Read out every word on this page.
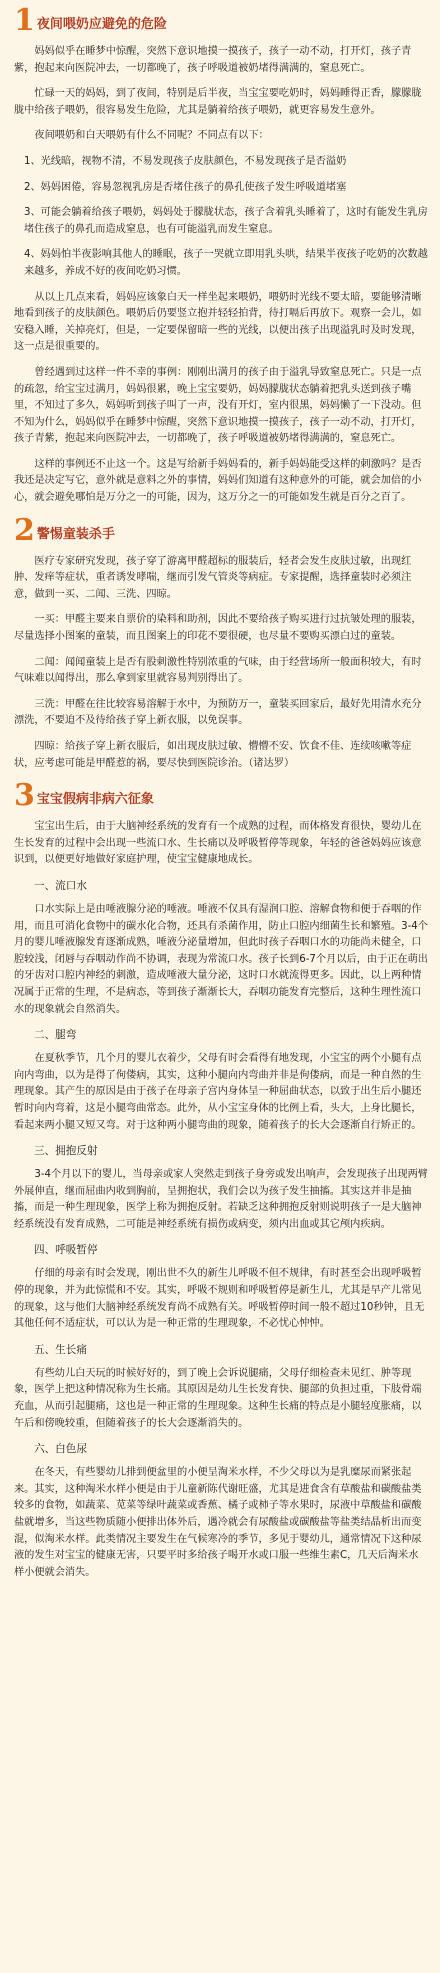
1 夜间喂奶应避免的危险

妈妈似乎在睡梦中惊醒，突然下意识地摸一摸孩子，孩子一动不动，打开灯，孩子青紫，抱起来向医院冲去，一切都晚了，孩子呼吸道被奶堵得满满的，窒息死亡。

忙碌一天的妈妈，到了夜间，特别是后半夜，当宝宝要吃奶时，妈妈睡得正香，朦朦胧胧中给孩子喂奶，很容易发生危险，尤其是躺着给孩子喂奶，就更容易发生意外。

夜间喂奶和白天喂奶有什么不同呢？不同点有以下：

1、光线暗，视物不清，不易发现孩子皮肤颜色，不易发现孩子是否溢奶

2、妈妈困倦，容易忽视乳房是否堵住孩子的鼻孔使孩子发生呼吸道堵塞

3、可能会躺着给孩子喂奶，妈妈处于朦胧状态，孩子含着乳头睡着了，这时有能发生乳房堵住孩子的鼻孔而造成窒息，也有可能溢乳而发生窒息。

4、妈妈怕半夜影响其他人的睡眠，孩子一哭就立即用乳头哄，结果半夜孩子吃奶的次数越来越多，养成不好的夜间吃奶习惯。

从以上几点来看，妈妈应该象白天一样坐起来喂奶，喂奶时光线不要太暗，要能够清晰地看到孩子的皮肤颜色。喂奶后仍要竖立抱并轻轻拍背，待打嗝后再放下。观察一会儿，如安稳入睡，关掉亮灯，但是，一定要保留暗一些的光线，以便出孩子出现溢乳时及时发现，这一点是很重要的。

曾经遇到过这样一件不幸的事例：刚刚出满月的孩子由于溢乳导致窒息死亡。只是一点的疏忽，给宝宝过满月，妈妈很累，晚上宝宝要奶，妈妈朦胧状态躺着把乳头送到孩子嘴里，不知过了多久，妈妈听到孩子叫了一声，没有开灯，室内很黑，妈妈懒了一下没动。但不知为什么，妈妈似乎在睡梦中惊醒，突然下意识地摸一摸孩子，孩子一动不动，打开灯，孩子青紫，抱起来向医院冲去，一切都晚了，孩子呼吸道被奶堵得满满的，窒息死亡。

这样的事例还不止这一个。这是写给新手妈妈看的，新手妈妈能受这样的刺激吗？是否我还是决定写它，意外就是意料之外的事情，妈妈们知道有这种意外的可能，就会加倍的小心，就会避免哪怕是万分之一的可能，因为，这万分之一的可能如发生就是百分之百了。

2 警惕童装杀手

医疗专家研究发现，孩子穿了游离甲醛超标的服装后，轻者会发生皮肤过敏，出现红肿、发痒等症状，重者诱发哮喘，继而引发气管炎等病症。专家提醒，选择童装时必须注意，做到一买、二闻、三洗、四晾。

一买：甲醛主要来自票价的染料和助剂，因此不要给孩子购买进行过抗皱处理的服装，尽量选择小图案的童装，而且图案上的印花不要很硬，也尽量不要购买漂白过的童装。

二闻：闻闻童装上是否有股刺激性特别浓重的气味，由于经营场所一般面积较大，有时气味难以闻得出，那么拿到家里就容易判别得出了。

三洗：甲醛在往比较容易溶解于水中，为预防万一，童装买回家后，最好先用清水充分漂洗，不要迫不及待给孩子穿上新衣服，以免误事。

四晾：给孩子穿上新衣服后，如出现皮肤过敏、懵懵不安、饮食不佳、连续咳嗽等症状，应考虑可能是甲醛惹的祸，要尽快到医院诊治。（诸达罗）

3 宝宝假病非病六征象

宝宝出生后，由于大脑神经系统的发育有一个成熟的过程，而体格发育很快，婴幼儿在生长发育的过程中会出现一些流口水、生长痛以及呼吸暂停等现象，年轻的爸爸妈妈应该意识到，以便更好地做好家庭护理，使宝宝健康地成长。

一、流口水

口水实际上是由唾液腺分泌的唾液。唾液不仅具有湿润口腔、溶解食物和便于吞咽的作用，而且可消化食物中的碳水化合物，还具有杀菌作用，防止口腔内细菌生长和繁殖。3-4个月的婴儿唾液腺发育逐渐成熟，唾液分泌量增加，但此时孩子吞咽口水的功能尚未健全，口腔较浅，闭唇与吞咽动作尚不协调，表现为常流口水。孩子长到6-7个月以后，由于正在萌出的牙齿对口腔内神经的刺激，造成唾液大量分泌，这时口水就流得更多。因此，以上两种情况属于正常的生理，不是病态，等到孩子渐渐长大，吞咽功能发育完整后，这种生理性流口水的现象就会自然消失。

二、腿弯

在夏秋季节，几个月的婴儿衣着少，父母有时会看得有地发现，小宝宝的两个小腿有点向内弯曲，以为是得了佝偻病，其实，这种小腿向内弯曲并非是佝偻病，而是一种自然的生理现象。其产生的原因是由于孩子在母亲子宫内身体呈一种屈曲状态，以致于出生后小腿还暂时向内弯着，这是小腿弯曲常态。此外，从小宝宝身体的比例上看，头大，上身比腿长，看起来两小腿又短又弯。对于这种两小腿弯曲的现象，随着孩子的长大会逐渐自行矫正的。

三、拥抱反射

3-4个月以下的婴儿，当母亲或家人突然走到孩子身旁或发出响声，会发现孩子出现两臂外展伸直，继而屈曲内收到胸前，呈拥抱状，我们会以为孩子发生抽搐。其实这并非是抽搐，而是一种生理现象，医学上称为拥抱反射。若缺乏这种拥抱反射则说明孩子一是大脑神经系统没有发育成熟，二可能是神经系统有损伤或病变，须内出血或其它颅内疾病。

四、呼吸暂停

仔细的母亲有时会发现，刚出世不久的新生儿呼吸不但不规律，有时甚至会出现呼吸暂停的现象，并为此惊慌和不安。其实，呼吸不规则和呼吸暂停是新生儿，尤其是早产儿常见的现象，这与他们大脑神经系统发育尚不成熟有关。呼吸暂停时间一般不超过10秒钟，且无其他任何不适症状，可以认为是一种正常的生理现象，不必忧心忡忡。

五、生长痛

有些幼儿白天玩的时候好好的，到了晚上会诉说腿痛，父母仔细检查未见红、肿等现象，医学上把这种情况称为生长痛。其原因是幼儿生长发育快、腿部的负担过重，下肢骨端充血，从而引起腿痛，这也是一种正常的生理现象。这种生长痛的特点是小腿轻度胀痛，以午后和傍晚较重，但随着孩子的长大会逐渐消失的。

六、白色尿

在冬天，有些婴幼儿排到便盆里的小便呈淘米水样，不少父母以为是乳糜尿而紧张起来。其实，这种淘米水样小便是由于儿童新陈代谢旺盛，尤其是进食含有草酸盐和碳酸盐类较多的食物，如蔬菜、苋菜等绿叶蔬菜或香蕉、橘子或柿子等水果时，尿液中草酸盐和碳酸盐就增多，当这些物质随小便排出体外后，遇冷就会有尿酸盐或碳酸盐等盐类结晶析出而变混，似淘米水样。此类情况主要发生在气候寒冷的季节，多见于婴幼儿，通常情况下这种尿液的发生对宝宝的健康无害，只要平时多给孩子喝开水或口服一些维生素C，几天后淘米水样小便就会消失。
